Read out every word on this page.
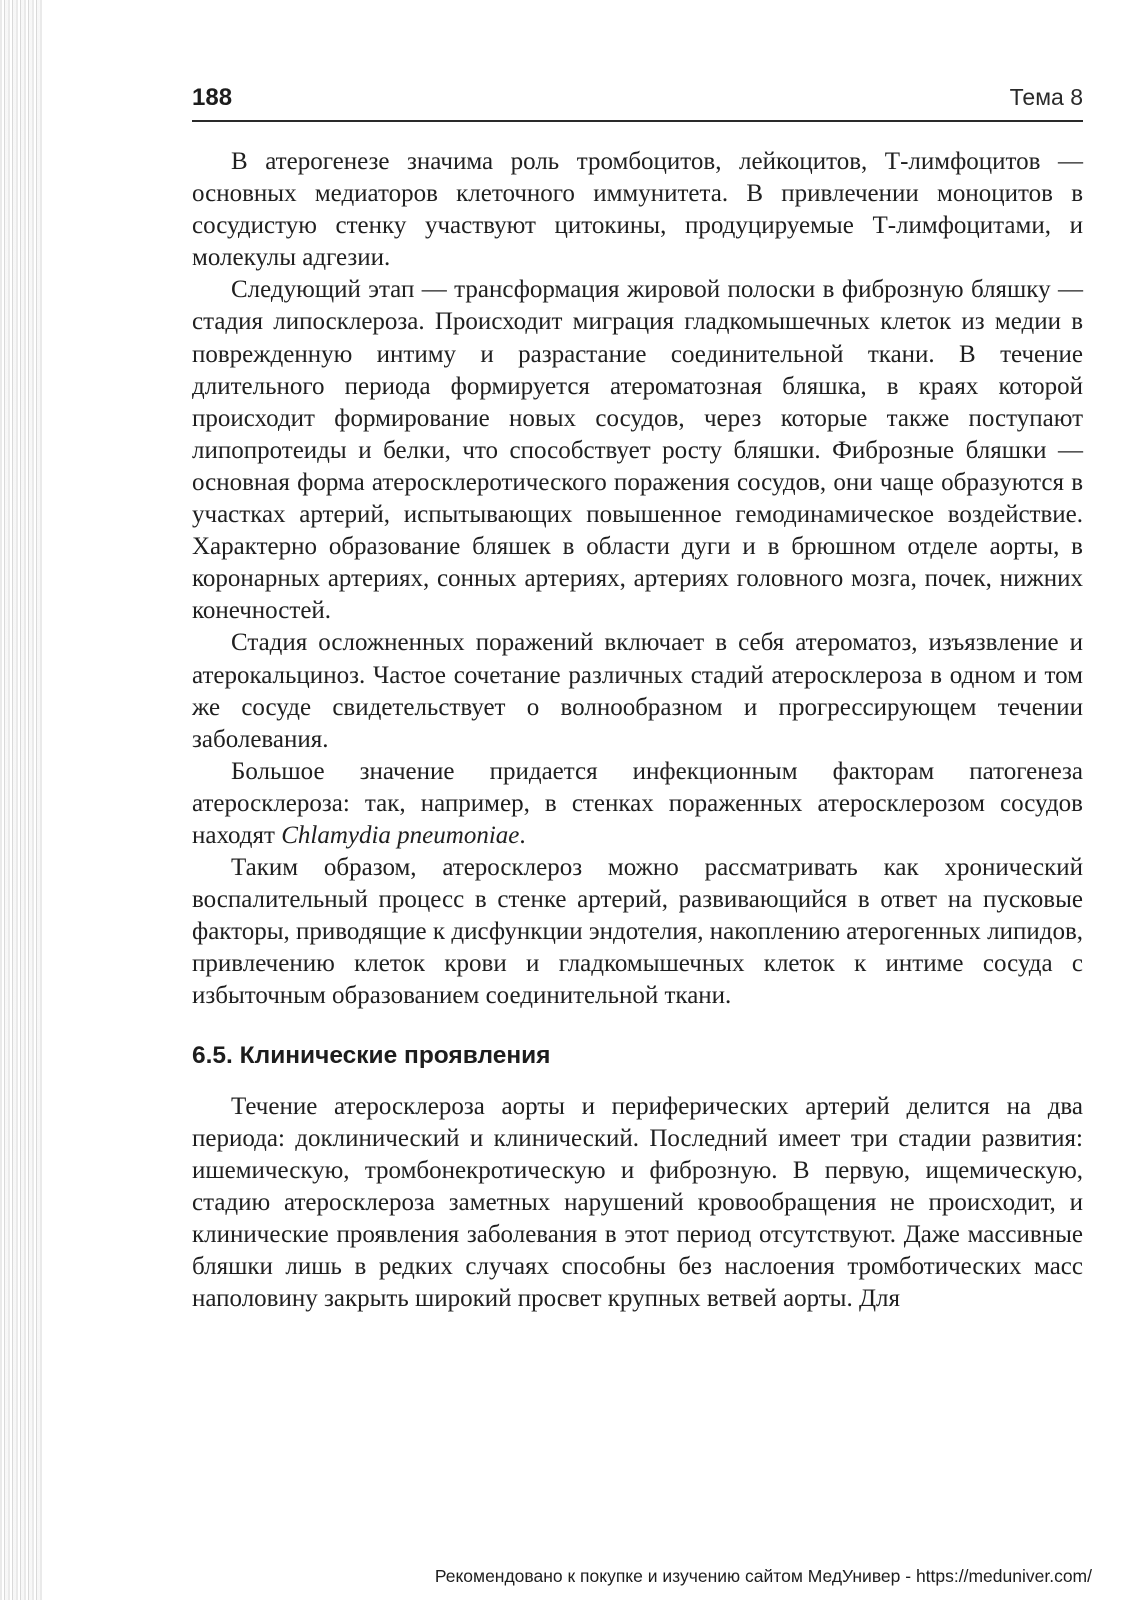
188	Тема 8

В атерогенезе значима роль тромбоцитов, лейкоцитов, Т-лимфоцитов — основных медиаторов клеточного иммунитета. В привлечении моноцитов в сосудистую стенку участвуют цитокины, продуцируемые Т-лимфоцитами, и молекулы адгезии.

Следующий этап — трансформация жировой полоски в фиброзную бляшку — стадия липосклероза. Происходит миграция гладкомышечных клеток из медии в поврежденную интиму и разрастание соединительной ткани. В течение длительного периода формируется атероматозная бляшка, в краях которой происходит формирование новых сосудов, через которые также поступают липопротеиды и белки, что способствует росту бляшки. Фиброзные бляшки — основная форма атеросклеротического поражения сосудов, они чаще образуются в участках артерий, испытывающих повышенное гемодинамическое воздействие. Характерно образование бляшек в области дуги и в брюшном отделе аорты, в коронарных артериях, сонных артериях, артериях головного мозга, почек, нижних конечностей.

Стадия осложненных поражений включает в себя атероматоз, изъязвление и атерокальциноз. Частое сочетание различных стадий атеросклероза в одном и том же сосуде свидетельствует о волнообразном и прогрессирующем течении заболевания.

Большое значение придается инфекционным факторам патогенеза атеросклероза: так, например, в стенках пораженных атеросклерозом сосудов находят Chlamydia pneumoniae.

Таким образом, атеросклероз можно рассматривать как хронический воспалительный процесс в стенке артерий, развивающийся в ответ на пусковые факторы, приводящие к дисфункции эндотелия, накоплению атерогенных липидов, привлечению клеток крови и гладкомышечных клеток к интиме сосуда с избыточным образованием соединительной ткани.

6.5. Клинические проявления

Течение атеросклероза аорты и периферических артерий делится на два периода: доклинический и клинический. Последний имеет три стадии развития: ишемическую, тромбонекротическую и фиброзную. В первую, ищемическую, стадию атеросклероза заметных нарушений кровообращения не происходит, и клинические проявления заболевания в этот период отсутствуют. Даже массивные бляшки лишь в редких случаях способны без наслоения тромботических масс наполовину закрыть широкий просвет крупных ветвей аорты. Для

Рекомендовано к покупке и изучению сайтом МедУнивер - https://meduniver.com/
